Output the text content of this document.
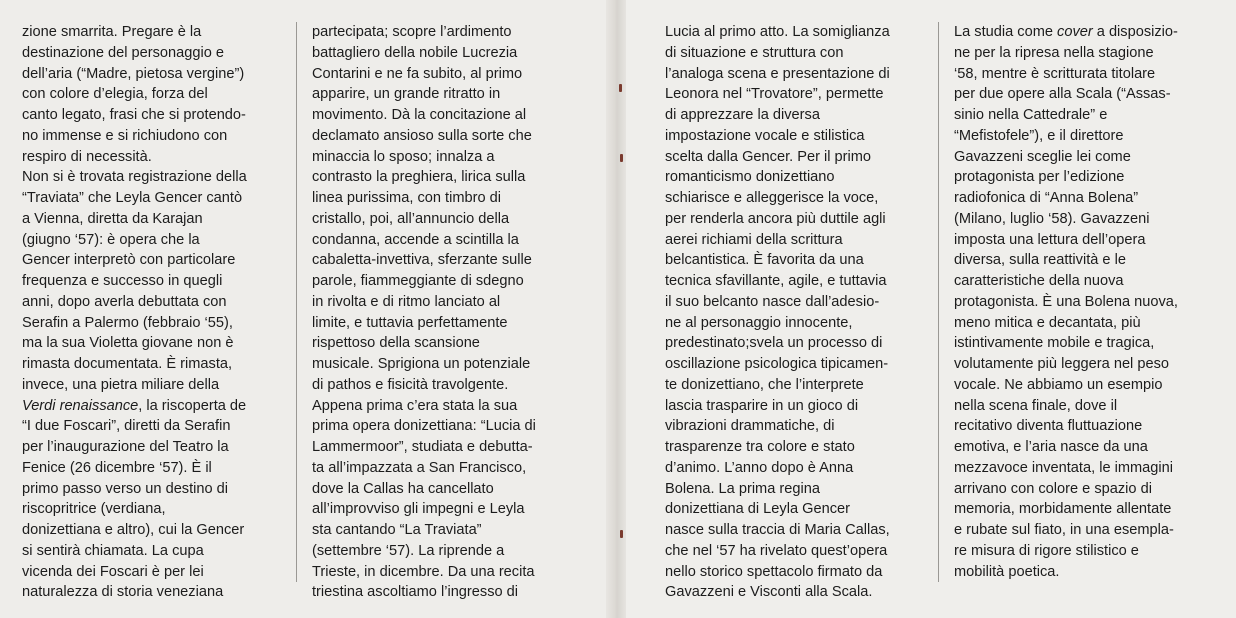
zione smarrita. Pregare è la
destinazione del personaggio e
dell’aria (“Madre, pietosa vergine”)
con colore d’elegia, forza del
canto legato, frasi che si protendo-
no immense e si richiudono con
respiro di necessità.
Non si è trovata registrazione della
“Traviata” che Leyla Gencer cantò
a Vienna, diretta da Karajan
(giugno ‘57): è opera che la
Gencer interpretò con particolare
frequenza e successo in quegli
anni, dopo averla debuttata con
Serafin a Palermo (febbraio ‘55),
ma la sua Violetta giovane non è
rimasta documentata. È rimasta,
invece, una pietra miliare della
Verdi renaissance, la riscoperta de
“I due Foscari”, diretti da Serafin
per l’inaugurazione del Teatro la
Fenice (26 dicembre ‘57). È il
primo passo verso un destino di
riscopritrice (verdiana,
donizettiana e altro), cui la Gencer
si sentirà chiamata. La cupa
vicenda dei Foscari è per lei
naturalezza di storia veneziana
partecipata; scopre l’ardimento
battagliero della nobile Lucrezia
Contarini e ne fa subito, al primo
apparire, un grande ritratto in
movimento. Dà la concitazione al
declamato ansioso sulla sorte che
minaccia lo sposo; innalza a
contrasto la preghiera, lirica sulla
linea purissima, con timbro di
cristallo, poi, all’annuncio della
condanna, accende a scintilla la
cabaletta-invettiva, sferzante sulle
parole, fiammeggiante di sdegno
in rivolta e di ritmo lanciato al
limite, e tuttavia perfettamente
rispettoso della scansione
musicale. Sprigiona un potenziale
di pathos e fisicità travolgente.
Appena prima c’era stata la sua
prima opera donizettiana: “Lucia di
Lammermoor”, studiata e debutta-
ta all’impazzata a San Francisco,
dove la Callas ha cancellato
all’improvviso gli impegni e Leyla
sta cantando “La Traviata”
(settembre ‘57). La riprende a
Trieste, in dicembre. Da una recita
triestina ascoltiamo l’ingresso di
Lucia al primo atto. La somiglianza
di situazione e struttura con
l’analoga scena e presentazione di
Leonora nel “Trovatore”, permette
di apprezzare la diversa
impostazione vocale e stilistica
scelta dalla Gencer. Per il primo
romanticismo donizettiano
schiarisce e alleggerisce la voce,
per renderla ancora più duttile agli
aerei richiami della scrittura
belcantistica. È favorita da una
tecnica sfavillante, agile, e tuttavia
il suo belcanto nasce dall’adesio-
ne al personaggio innocente,
predestinato;svela un processo di
oscillazione psicologica tipicamen-
te donizettiano, che l’interprete
lascia trasparire in un gioco di
vibrazioni drammatiche, di
trasparenze tra colore e stato
d’animo. L’anno dopo è Anna
Bolena. La prima regina
donizettiana di Leyla Gencer
nasce sulla traccia di Maria Callas,
che nel ‘57 ha rivelato quest’opera
nello storico spettacolo firmato da
Gavazzeni e Visconti alla Scala.
La studia come cover a disposizio-
ne per la ripresa nella stagione
‘58, mentre è scritturata titolare
per due opere alla Scala (“Assas-
sinio nella Cattedrale” e
“Mefistofele”), e il direttore
Gavazzeni sceglie lei come
protagonista per l’edizione
radiofonica di “Anna Bolena”
(Milano, luglio ‘58). Gavazzeni
imposta una lettura dell’opera
diversa, sulla reattività e le
caratteristiche della nuova
protagonista. È una Bolena nuova,
meno mitica e decantata, più
istintivamente mobile e tragica,
volutamente più leggera nel peso
vocale. Ne abbiamo un esempio
nella scena finale, dove il
recitativo diventa fluttuazione
emotiva, e l’aria nasce da una
mezzavoce inventata, le immagini
arrivano con colore e spazio di
memoria, morbidamente allentate
e rubate sul fiato, in una esempla-
re misura di rigore stilistico e
mobilità poetica.
